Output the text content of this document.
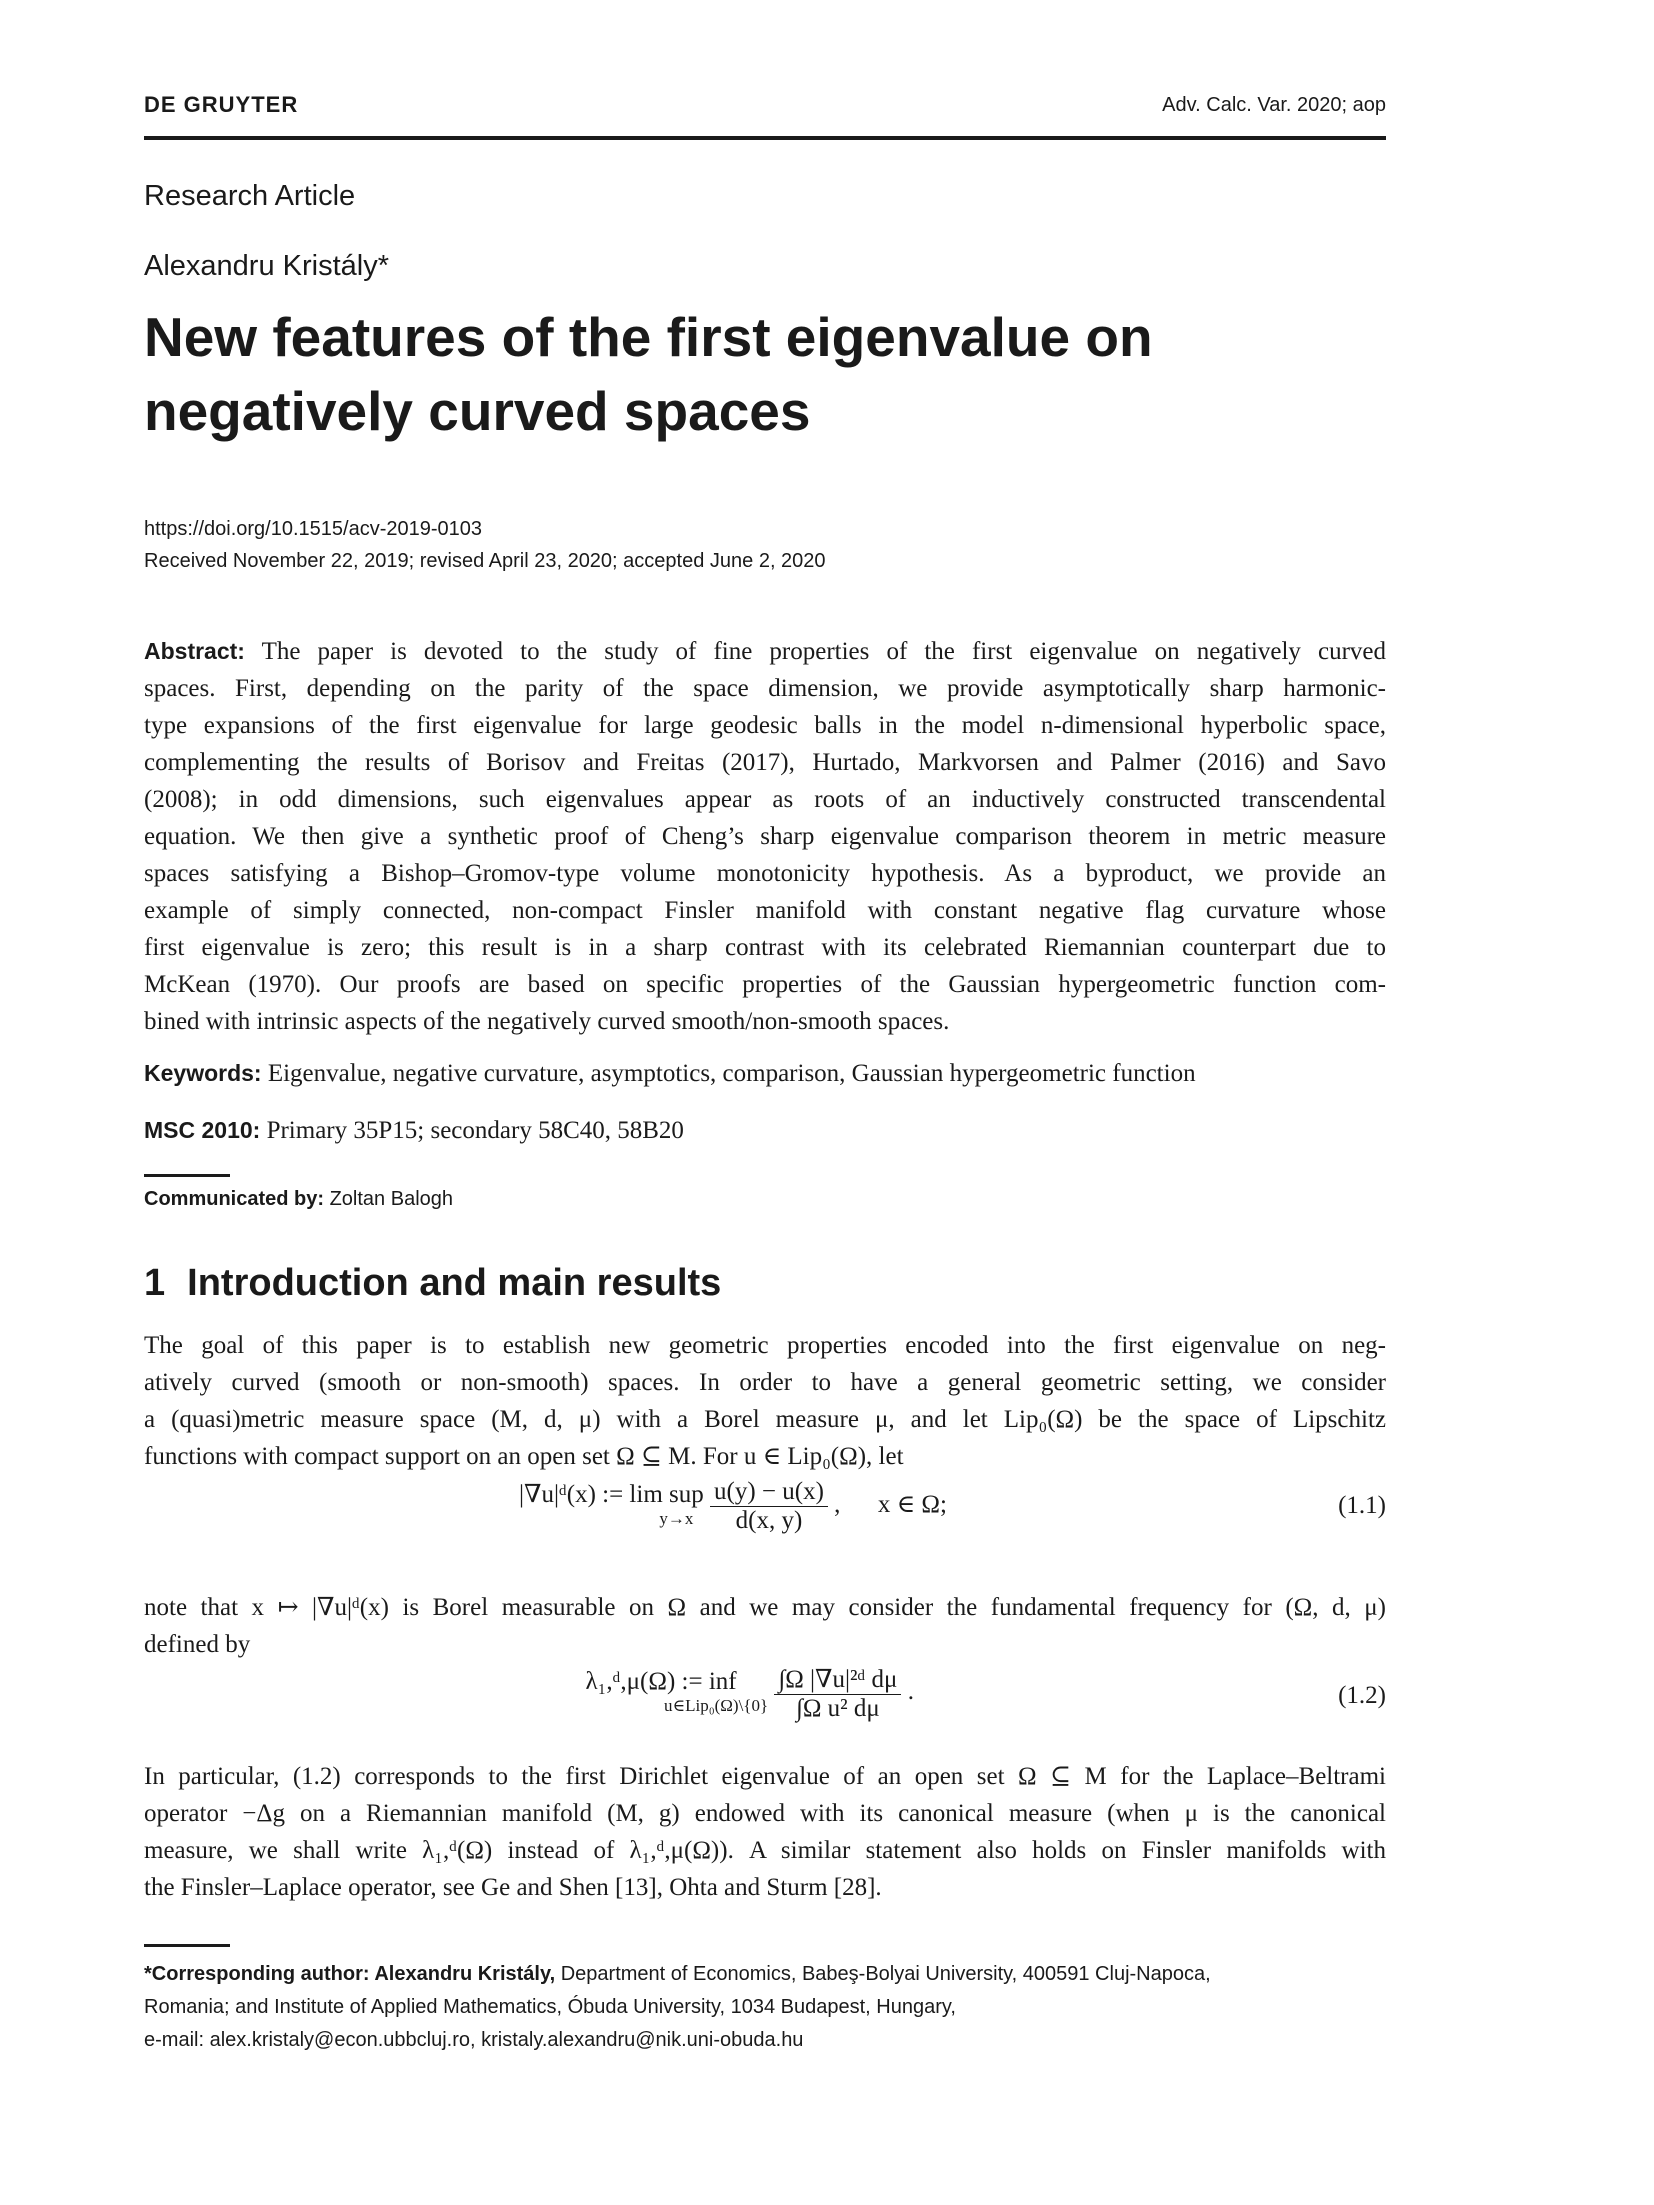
DE GRUYTER	Adv. Calc. Var. 2020; aop
Research Article
Alexandru Kristály*
New features of the first eigenvalue on negatively curved spaces
https://doi.org/10.1515/acv-2019-0103
Received November 22, 2019; revised April 23, 2020; accepted June 2, 2020
Abstract: The paper is devoted to the study of fine properties of the first eigenvalue on negatively curved
spaces. First, depending on the parity of the space dimension, we provide asymptotically sharp harmonic-
type expansions of the first eigenvalue for large geodesic balls in the model n-dimensional hyperbolic space,
complementing the results of Borisov and Freitas (2017), Hurtado, Markvorsen and Palmer (2016) and Savo
(2008); in odd dimensions, such eigenvalues appear as roots of an inductively constructed transcendental
equation. We then give a synthetic proof of Cheng’s sharp eigenvalue comparison theorem in metric measure
spaces satisfying a Bishop–Gromov-type volume monotonicity hypothesis. As a byproduct, we provide an
example of simply connected, non-compact Finsler manifold with constant negative flag curvature whose
first eigenvalue is zero; this result is in a sharp contrast with its celebrated Riemannian counterpart due to
McKean (1970). Our proofs are based on specific properties of the Gaussian hypergeometric function com-
bined with intrinsic aspects of the negatively curved smooth/non-smooth spaces.
Keywords: Eigenvalue, negative curvature, asymptotics, comparison, Gaussian hypergeometric function
MSC 2010: Primary 35P15; secondary 58C40, 58B20
Communicated by: Zoltan Balogh
1 Introduction and main results
The goal of this paper is to establish new geometric properties encoded into the first eigenvalue on neg-
atively curved (smooth or non-smooth) spaces. In order to have a general geometric setting, we consider
a (quasi)metric measure space (M, d, μ) with a Borel measure μ, and let Lip₀(Ω) be the space of Lipschitz
functions with compact support on an open set Ω ⊆ M. For u ∈ Lip₀(Ω), let
|∇u|ᵈ(x) := lim sup
y→x
$\frac{u(y) - u(x)}{d(x, y)}$ ,      x ∈ Ω;	(1.1)
note that x ↦ |∇u|ᵈ(x) is Borel measurable on Ω and we may consider the fundamental frequency for (Ω, d, μ)
defined by
λ₁,ᵈ,μ(Ω) := inf
u∈Lip₀(Ω)\{0}
$\frac{\text{∫Ω |∇u|²ᵈ dμ}}{\text{∫Ω u² dμ}}$ .	(1.2)
In particular, (1.2) corresponds to the first Dirichlet eigenvalue of an open set Ω ⊆ M for the Laplace–Beltrami
operator −Δg on a Riemannian manifold (M, g) endowed with its canonical measure (when μ is the canonical
measure, we shall write λ₁,ᵈ(Ω) instead of λ₁,ᵈ,μ(Ω)). A similar statement also holds on Finsler manifolds with
the Finsler–Laplace operator, see Ge and Shen [13], Ohta and Sturm [28].
*Corresponding author: Alexandru Kristály, Department of Economics, Babeş-Bolyai University, 400591 Cluj-Napoca,
Romania; and Institute of Applied Mathematics, Óbuda University, 1034 Budapest, Hungary,
e-mail: alex.kristaly@econ.ubbcluj.ro, kristaly.alexandru@nik.uni-obuda.hu
